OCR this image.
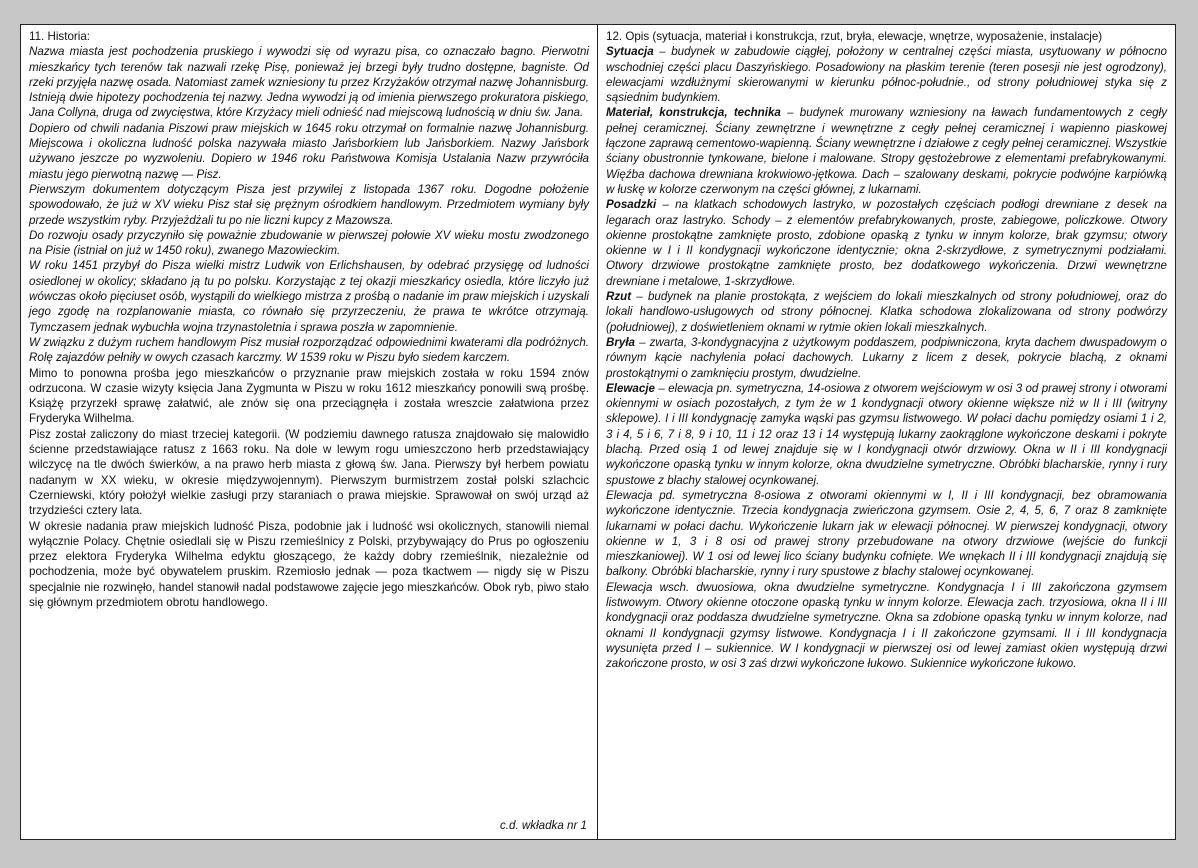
11. Historia:
Nazwa miasta jest pochodzenia pruskiego i wywodzi się od wyrazu pisa, co oznaczało bagno. Pierwotni mieszkańcy tych terenów tak nazwali rzekę Pisę, ponieważ jej brzegi były trudno dostępne, bagniste. Od rzeki przyjęła nazwę osada. Natomiast zamek wzniesiony tu przez Krzyżaków otrzymał nazwę Johannisburg. Istnieją dwie hipotezy pochodzenia tej nazwy. Jedna wywodzi ją od imienia pierwszego prokuratora piskiego, Jana Collyna, druga od zwycięstwa, które Krzyżacy mieli odnieść nad miejscową ludnością w dniu św. Jana.
Dopiero od chwili nadania Piszowi praw miejskich w 1645 roku otrzymał on formalnie nazwę Johannisburg. Miejscowa i okoliczna ludność polska nazywała miasto Jańsborkiem lub Jańsborkiem. Nazwy Jańsbork używano jeszcze po wyzwoleniu. Dopiero w 1946 roku Państwowa Komisja Ustalania Nazw przywróciła miastu jego pierwotną nazwę — Pisz.
Pierwszym dokumentem dotyczącym Pisza jest przywilej z listopada 1367 roku. Dogodne położenie spowodowało, że już w XV wieku Pisz stał się prężnym ośrodkiem handlowym. Przedmiotem wymiany były przede wszystkim ryby. Przyjeżdżali tu po nie liczni kupcy z Mazowsza.
Do rozwoju osady przyczyniło się poważnie zbudowanie w pierwszej połowie XV wieku mostu zwodzonego na Pisie (istniał on już w 1450 roku), zwanego Mazowieckim.
W roku 1451 przybył do Pisza wielki mistrz Ludwik von Erlichshausen, by odebrać przysięgę od ludności osiedlonej w okolicy; składano ją tu po polsku. Korzystając z tej okazji mieszkańcy osiedla, które liczyło już wówczas około pięciuset osób, wystąpili do wielkiego mistrza z prośbą o nadanie im praw miejskich i uzyskali jego zgodę na rozplanowanie miasta, co równało się przyrzeczeniu, że prawa te wkrótce otrzymają. Tymczasem jednak wybuchła wojna trzynastoletnia i sprawa poszła w zapomnienie.
W związku z dużym ruchem handlowym Pisz musiał rozporządzać odpowiednimi kwaterami dla podróżnych. Rolę zajazdów pełniły w owych czasach karczmy. W 1539 roku w Piszu było siedem karczem.
Mimo to ponowna prośba jego mieszkańców o przyznanie praw miejskich została w roku 1594 znów odrzucona. W czasie wizyty księcia Jana Zygmunta w Piszu w roku 1612 mieszkańcy ponowili swą prośbę. Książę przyrzekł sprawę załatwić, ale znów się ona przeciągnęła i została wreszcie załatwiona przez Fryderyka Wilhelma.
Pisz został zaliczony do miast trzeciej kategorii. (W podziemiu dawnego ratusza znajdowało się malowidło ścienne przedstawiające ratusz z 1663 roku. Na dole w lewym rogu umieszczono herb przedstawiający wilczycę na tle dwóch świerków, a na prawo herb miasta z głową św. Jana. Pierwszy był herbem powiatu nadanym w XX wieku, w okresie międzywojennym). Pierwszym burmistrzem został polski szlachcic Czerniewski, który położył wielkie zasługi przy staraniach o prawa miejskie. Sprawował on swój urząd aż trzydzieści cztery lata.
W okresie nadania praw miejskich ludność Pisza, podobnie jak i ludność wsi okolicznych, stanowili niemal wyłącznie Polacy. Chętnie osiedlali się w Piszu rzemieślnicy z Polski, przybywający do Prus po ogłoszeniu przez elektora Fryderyka Wilhelma edyktu głoszącego, że każdy dobry rzemieślnik, niezależnie od pochodzenia, może być obywatelem pruskim. Rzemiosło jednak — poza tkactwem — nigdy się w Piszu specjalnie nie rozwinęło, handel stanowił nadal podstawowe zajęcie jego mieszkańców. Obok ryb, piwo stało się głównym przedmiotem obrotu handlowego.
c.d. wkładka nr 1
12. Opis (sytuacja, materiał i konstrukcja, rzut, bryła, elewacje, wnętrze, wyposażenie, instalacje)
Sytuacja – budynek w zabudowie ciągłej, położony w centralnej części miasta, usytuowany w północno wschodniej części placu Daszyńskiego. Posadowiony na płaskim terenie (teren posesji nie jest ogrodzony), elewacjami wzdłużnymi skierowanymi w kierunku północ-południe., od strony południowej styka się z sąsiednim budynkiem.
Materiał, konstrukcja, technika – budynek murowany wzniesiony na ławach fundamentowych z cegły pełnej ceramicznej. Ściany zewnętrzne i wewnętrzne z cegły pełnej ceramicznej i wapienno piaskowej łączone zaprawą cementowo-wapienną. Ściany wewnętrzne i działowe z cegły pełnej ceramicznej. Wszystkie ściany obustronnie tynkowane, bielone i malowane. Stropy gęstożebrowe z elementami prefabrykowanymi. Więźba dachowa drewniana krokwiowo-jętkowa. Dach – szalowany deskami, pokrycie podwójne karpiówką w łuskę w kolorze czerwonym na części głównej, z lukarnami.
Posadzki – na klatkach schodowych lastryko, w pozostałych częściach podłogi drewniane z desek na legarach oraz lastryko. Schody – z elementów prefabrykowanych, proste, zabiegowe, policzkowe. Otwory okienne prostokątne zamknięte prosto, zdobione opaską z tynku w innym kolorze, brak gzymsu; otwory okienne w I i II kondygnacji wykończone identycznie; okna 2-skrzydłowe, z symetrycznymi podziałami. Otwory drzwiowe prostokątne zamknięte prosto, bez dodatkowego wykończenia. Drzwi wewnętrzne drewniane i metalowe, 1-skrzydłowe.
Rzut – budynek na planie prostokąta, z wejściem do lokali mieszkalnych od strony południowej, oraz do lokali handlowo-usługowych od strony północnej. Klatka schodowa zlokalizowana od strony podwórzy (południowej), z doświetleniem oknami w rytmie okien lokali mieszkalnych.
Bryła – zwarta, 3-kondygnacyjna z użytkowym poddaszem, podpiwniczona, kryta dachem dwuspadowym o równym kącie nachylenia połaci dachowych. Lukarny z licem z desek, pokrycie blachą, z oknami prostokątnymi o zamknięciu prostym, dwudzielne.
Elewacje – elewacja pn. symetryczna, 14-osiowa z otworem wejściowym w osi 3 od prawej strony i otworami okiennymi w osiach pozostałych, z tym że w 1 kondygnacji otwory okienne większe niż w II i III (witryny sklepowe). I i III kondygnację zamyka wąski pas gzymsu listwowego. W połaci dachu pomiędzy osiami 1 i 2, 3 i 4, 5 i 6, 7 i 8, 9 i 10, 11 i 12 oraz 13 i 14 występują lukarny zaokrąglone wykończone deskami i pokryte blachą. Przed osią 1 od lewej znajduje się w I kondygnacji otwór drzwiowy. Okna w II i III kondygnacji wykończone opaską tynku w innym kolorze, okna dwudzielne symetryczne. Obróbki blacharskie, rynny i rury spustowe z blachy stalowej ocynkowanej.
Elewacja pd. symetryczna 8-osiowa z otworami okiennymi w I, II i III kondygnacji, bez obramowania wykończone identycznie. Trzecia kondygnacja zwieńczona gzymsem. Osie 2, 4, 5, 6, 7 oraz 8 zamknięte lukarnami w połaci dachu. Wykończenie lukarn jak w elewacji północnej. W pierwszej kondygnacji, otwory okienne w 1, 3 i 8 osi od prawej strony przebudowane na otwory drzwiowe (wejście do funkcji mieszkaniowej). W 1 osi od lewej lico ściany budynku cofnięte. We wnękach II i III kondygnacji znajdują się balkony. Obróbki blacharskie, rynny i rury spustowe z blachy stalowej ocynkowanej.
Elewacja wsch. dwuosiowa, okna dwudzielne symetryczne. Kondygnacja I i III zakończona gzymsem listwowym. Otwory okienne otoczone opaską tynku w innym kolorze. Elewacja zach. trzyosiowa, okna II i III kondygnacji oraz poddasza dwudzielne symetryczne. Okna sa zdobione opaską tynku w innym kolorze, nad oknami II kondygnacji gzymsy listwowe. Kondygnacja I i II zakończone gzymsami. II i III kondygnacja wysunięta przed I – sukiennice. W I kondygnacji w pierwszej osi od lewej zamiast okien występują drzwi zakończone prosto, w osi 3 zaś drzwi wykończone łukowo. Sukiennice wykończone łukowo.
